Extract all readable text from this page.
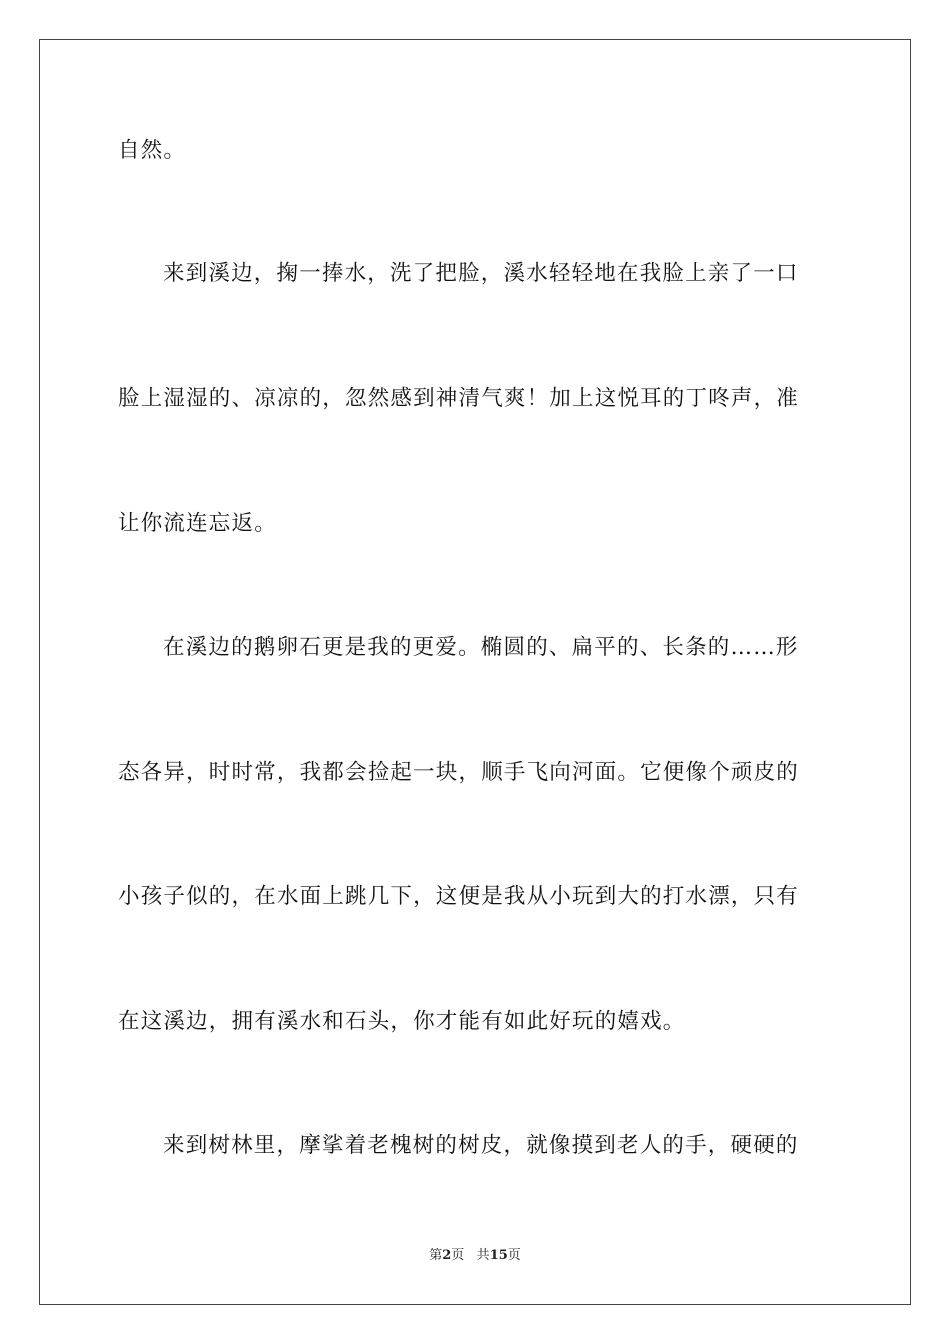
自然。
来到溪边，掬一捧水，洗了把脸，溪水轻轻地在我脸上亲了一口
脸上湿湿的、凉凉的，忽然感到神清气爽！加上这悦耳的丁咚声，准
让你流连忘返。
在溪边的鹅卵石更是我的更爱。椭圆的、扁平的、长条的……形
态各异，时时常，我都会捡起一块，顺手飞向河面。它便像个顽皮的
小孩子似的，在水面上跳几下，这便是我从小玩到大的打水漂，只有
在这溪边，拥有溪水和石头，你才能有如此好玩的嬉戏。
来到树林里，摩挲着老槐树的树皮，就像摸到老人的手，硬硬的
第2页 共15页
